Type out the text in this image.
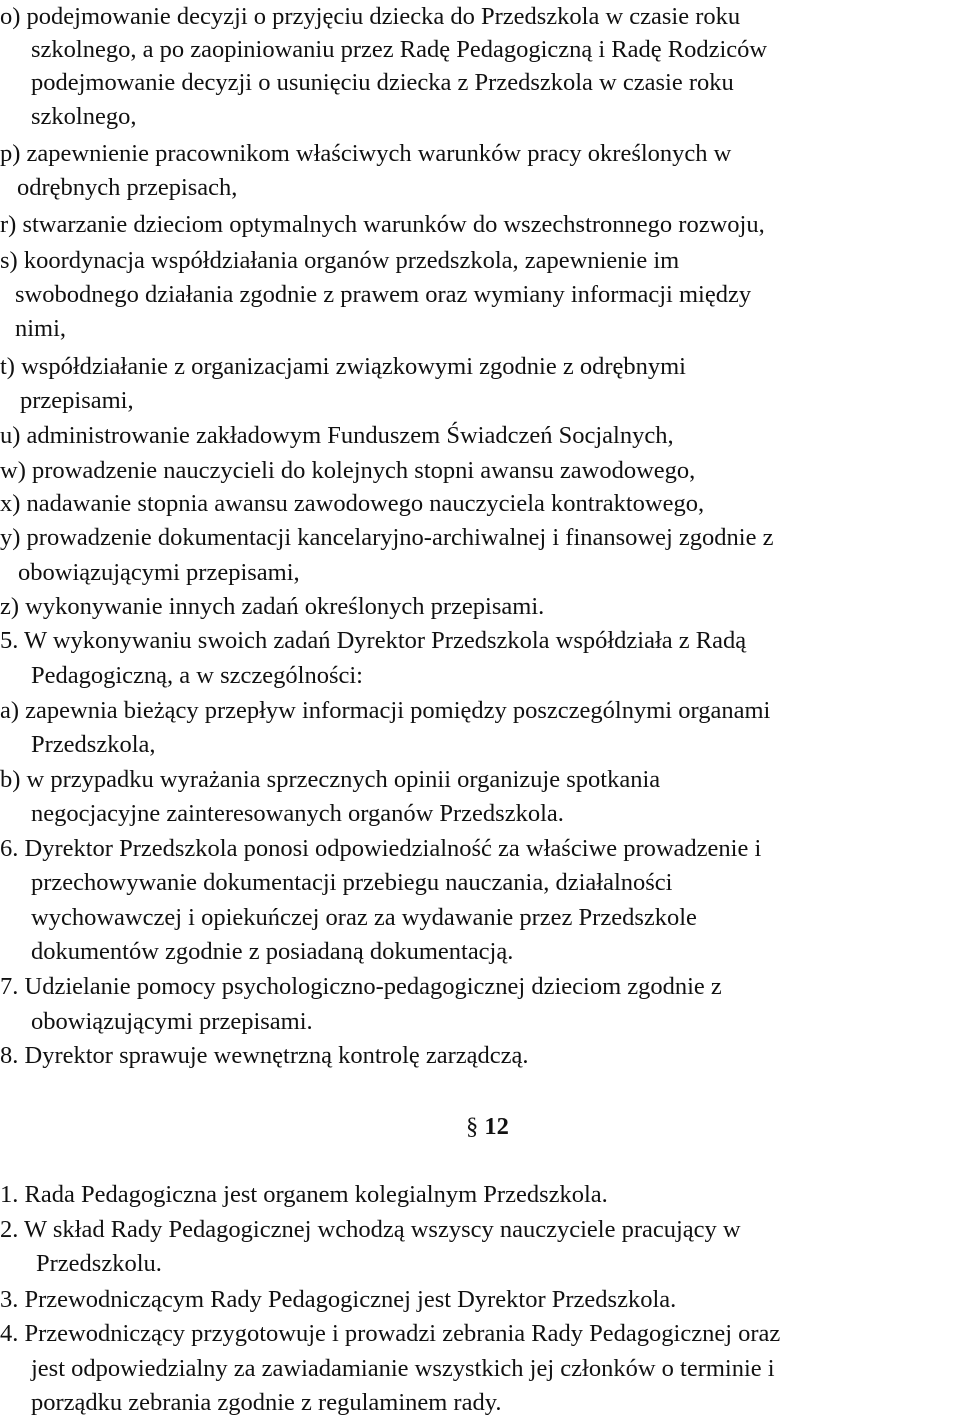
o) podejmowanie decyzji o przyjęciu dziecka do Przedszkola w czasie roku
szkolnego, a po zaopiniowaniu przez Radę Pedagogiczną i Radę Rodziców
podejmowanie decyzji o usunięciu dziecka z Przedszkola w czasie roku
szkolnego,
p) zapewnienie pracownikom właściwych warunków pracy określonych w
odrębnych przepisach,
r) stwarzanie dzieciom optymalnych warunków do wszechstronnego rozwoju,
s) koordynacja współdziałania organów przedszkola, zapewnienie im
swobodnego działania zgodnie z prawem oraz wymiany informacji między
nimi,
t) współdziałanie z organizacjami związkowymi zgodnie z odrębnymi
przepisami,
u) administrowanie zakładowym Funduszem Świadczeń Socjalnych,
w) prowadzenie nauczycieli do kolejnych stopni awansu zawodowego,
x) nadawanie stopnia awansu zawodowego nauczyciela kontraktowego,
y) prowadzenie dokumentacji kancelaryjno-archiwalnej i finansowej zgodnie z
obowiązującymi przepisami,
z) wykonywanie innych zadań określonych przepisami.
5. W wykonywaniu swoich zadań Dyrektor Przedszkola współdziała z Radą
Pedagogiczną, a w szczególności:
a) zapewnia bieżący przepływ informacji pomiędzy poszczególnymi organami
Przedszkola,
b) w przypadku wyrażania sprzecznych opinii organizuje spotkania
negocjacyjne zainteresowanych organów Przedszkola.
6. Dyrektor Przedszkola ponosi odpowiedzialność za właściwe prowadzenie i
przechowywanie dokumentacji przebiegu nauczania, działalności
wychowawczej i opiekuńczej oraz za wydawanie przez Przedszkole
dokumentów zgodnie z posiadaną dokumentacją.
7. Udzielanie pomocy psychologiczno-pedagogicznej dzieciom zgodnie z
obowiązującymi przepisami.
8. Dyrektor sprawuje wewnętrzną kontrolę zarządczą.
§ 12
1. Rada Pedagogiczna jest organem kolegialnym Przedszkola.
2. W skład Rady Pedagogicznej wchodzą wszyscy nauczyciele pracujący w
Przedszkolu.
3. Przewodniczącym Rady Pedagogicznej jest Dyrektor Przedszkola.
4. Przewodniczący przygotowuje i prowadzi zebrania Rady Pedagogicznej oraz
jest odpowiedzialny za zawiadamianie wszystkich jej członków o terminie i
porządku zebrania zgodnie z regulaminem rady.
